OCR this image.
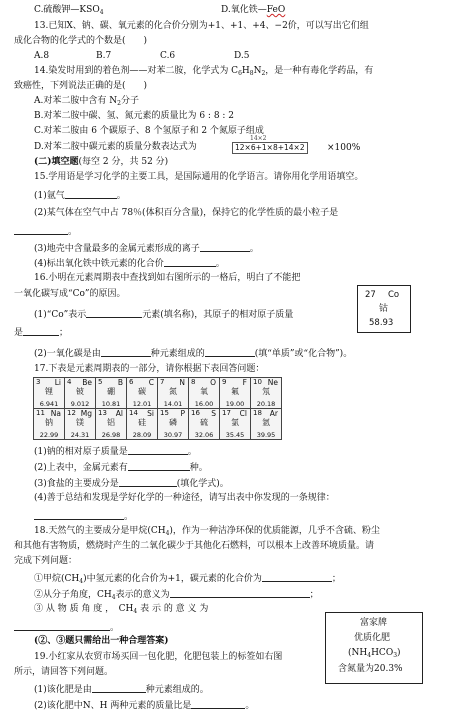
C.硫酸钾$—KSO_4$	D.氧化铁—FeO
13.已知Ⅹ、钠、碳、氧元素的化合价分别为+1、+1、+4、−2价，可以写出它们组
成化合物的化学式的个数是(　　)
A.8	B.7	C.6	D.5
14.染发时用到的着色剂——对苯二胺，化学式为 $C_6H_8N_2$，是一种有毒化学药品，有
致癌性，下列说法正确的是(　　)
A.对苯二胺中含有 $N_2$分子
B.对苯二胺中碳、氢、氮元素的质量比为 6 : 8 : 2
C.对苯二胺由 6 个碳原子、8 个氢原子和 2 个氮原子组成
14×2
D.对苯二胺中碳元素的质量分数表达式为	12×6+1×8+14×2	×100%
(二)填空题(每空 2 分，共 52 分)
15.学用语是学习化学的主要工具，是国际通用的化学语言。请你用化学用语填空。
(1)氩气	。
(2)某气体在空气中占 78％(体积百分含量)，保持它的化学性质的最小粒子是
。
(3)地壳中含量最多的金属元素形成的离子	。
(4)标出氧化铁中铁元素的化合价	。
16.小明在元素周期表中查找到如右图所示的一格后，明白了不能把
一氧化碳写成“Co”的原因。
(1)“Co”表示	元素(填名称)，其原子的相对原子质量
是	；
(2)一氧化碳是由	种元素组成的	(填“单质”或“化合物”)。
27 Co
钴
58.93
17.下表是元素周期表的一部分，请你根据下表回答问题：
3 Li
锂
6.941	4 Be
铍
9.012	5 B
硼
10.81	6 C
碳
12.01	7 N
氮
14.01	8 O
氧
16.00	9 F
氟
19.00	10 Ne
氖
20.18

11 Na
钠
22.99	12 Mg
镁
24.31	13 Al
铝
26.98	14 Si
硅
28.09	15 P
磷
30.97	16 S
硫
32.06	17 Cl
氯
35.45	18 Ar
氩
39.95
(1)钠的相对原子质量是	。
(2)上表中，金属元素有	种。
(3)食盐的主要成分是	(填化学式)。
(4)善于总结和发现是学好化学的一种途径，请写出表中你发现的一条规律：
。
18.天然气的主要成分是甲烷$(CH_4)$，作为一种洁净环保的优质能源，几乎不含硫、粉尘
和其他有害物质，燃烧时产生的二氧化碳少于其他化石燃料，可以根本上改善环境质量。请
完成下列问题：
①甲烷$(CH_4)$中氢元素的化合价为+1，碳元素的化合价为	；
②从分子角度，$CH_4$表示的意义为	；
③ 从 物 质 角 度 ，　$CH_4$ 表 示 的 意 义 为
。
(②、③题只需给出一种合理答案)
19.小红家从农贸市场买回一包化肥，化肥包装上的标签如右图
所示，请回答下列问题。
(1)该化肥是由	种元素组成的。
(2)该化肥中N、H 两种元素的质量比是	。
富家牌
优质化肥
$(NH_4HCO_3)$
含氮量为20.3%
